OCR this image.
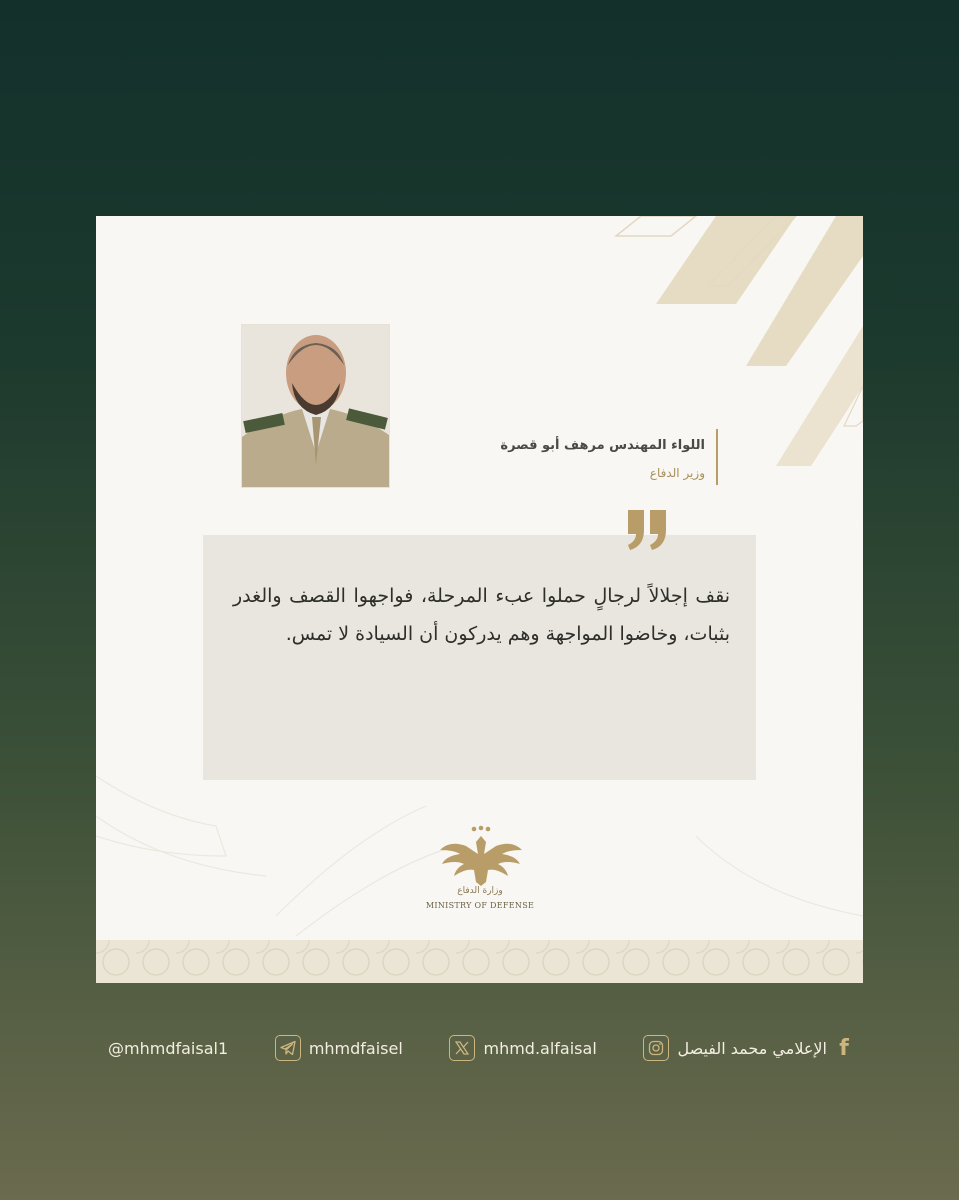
اللواء المهندس مرهف أبو قصرة
وزير الدفاع
نقف إجلالاً لرجالٍ حملوا عبء المرحلة، فواجهوا القصف والغدر بثبات، وخاضوا المواجهة وهم يدركون أن السيادة لا تمس.
وزارة الدفاع
MINISTRY OF DEFENSE
@mhmdfaisal1	mhmdfaisel	mhmd.alfaisal	الإعلامي محمد الفيصل f
